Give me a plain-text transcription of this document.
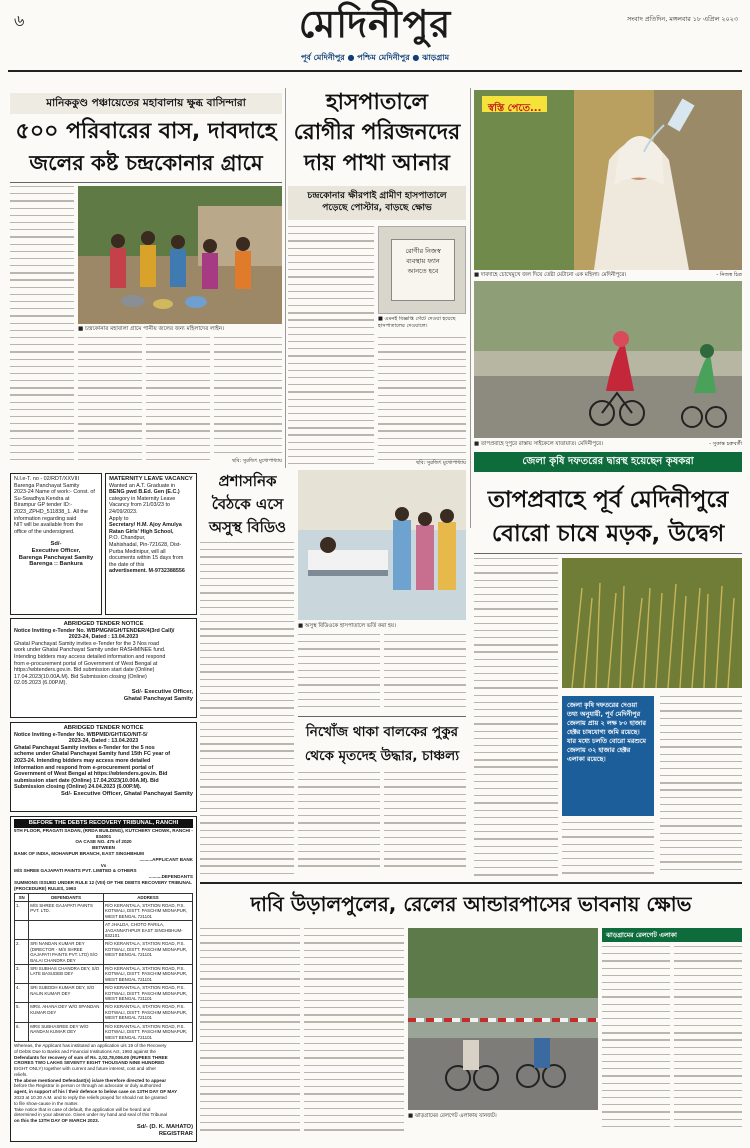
৬	মেদিনীপুর	সংবাদ প্রতিদিন, মঙ্গলবার ১৮ এপ্রিল ২০২৩
পূর্ব মেদিনীপুর ● পশ্চিম মেদিনীপুর ● ঝাড়গ্রাম
মানিককুণ্ড পঞ্চায়েতের মহাবালায় ক্ষুব্ধ বাসিন্দারা
৫০০ পরিবারের বাস, দাবদাহে
জলের কষ্ট চন্দ্রকোনার গ্রামে
■ চন্দ্রকোনার মহাবালা গ্রামে পানীয় জলের জন্য মহিলাদের লাইন।
ছবি: সুরজিৎ মুখোপাধ্যায়
হাসপাতালে
রোগীর পরিজনদের
দায় পাখা আনার
চন্দ্রকোনার ক্ষীরপাই গ্রামীণ হাসপাতালে পড়েছে পোস্টার, বাড়ছে ক্ষোভ
রোগীর নিজস্ব ব্যবস্থায় ফ্যান আনতে হবে
■ এমনই বিজ্ঞপ্তি সেঁটে দেওয়া হয়েছে হাসপাতালের দেওয়ালে।
ছবি: সুরজিৎ মুখোপাধ্যায়
স্বস্তি পেতে...
■ দাবদাহে চোখেমুখে জল দিয়ে তেষ্টা মেটানো এক মহিলা। মেদিনীপুরে।	- নিজস্ব চিত্র
■ তাপপ্রবাহে দুপুরে রাস্তায় সাইকেলে যাতায়াত। মেদিনীপুরে।	- সুকান্ত চক্রবর্তী
জেলা কৃষি দফতরের দ্বারস্থ হয়েছেন কৃষকরা
তাপপ্রবাহে পূর্ব মেদিনীপুরে
বোরো চাষে মড়ক, উদ্বেগ
জেলা কৃষি দফতরের দেওয়া তথ্য অনুযায়ী, পূর্ব মেদিনীপুর জেলায় প্রায় ২ লক্ষ ৮০ হাজার হেক্টর চাষযোগ্য জমি রয়েছে। যার মধ্যে চলতি বোরো মরশুমে জেলায় ৩২ হাজার হেক্টর এলাকা রয়েছে।
N.I.e-T. no - 02/RDT/XXVIII
Barenga Panchayat Samity
2023-24 Name of work:- Const. of
Su-Swadhya Kendra at
Birampur GP tender ID:-
2023_ZPHD_511838_1. All the
information regarding said
NIT will be available from the
office of the undersigned.
Sd/-
Executive Officer,
Barenga Panchayat Samity
Barenga :: Bankura
MATERNITY LEAVE VACANCY
Wanted an A.T. Graduate in
BENG pwd B.Ed. Gen (E.C.)
category in Maternity Leave
Vacancy from 21/03/23 to
24/09/2023.
Apply to
Secretary/ H.M. Ajoy Amulya
Ratan Girls' High School,
P.O. Chandpur,
Mahishadal, Pin-721628, Dist-
Purba Medinipur, will all
documents within 15 days from
the date of this
advertisement. M-9732388556
ABRIDGED TENDER NOTICE
Notice Inviting e-Tender No. WBPMGN/GH/TENDER/4(3rd Call)/
2023-24, Dated : 13.04.2023
Ghatal Panchayat Samity invites e-Tender for the 3 Nos road
work under Ghatal Panchayat Samity under RASHMINEE fund.
Intending bidders may access detailed information and respond
from e-procurement portal of Government of West Bengal at
https://wbtenders.gov.in. Bid submission start date (Online)
17.04.2023(10.00A.M). Bid Submission closing (Online)
02.05.2023 (6.00P.M).
Sd/- Executive Officer,
Ghatal Panchayat Samity
ABRIDGED TENDER NOTICE
Notice Inviting e-Tender No. WBPMID/GHT/EO/NIT-5/
2023-24, Dated : 13.04.2023
Ghatal Panchayat Samity invites e-Tender for the 5 nos
scheme under Ghatal Panchayat Samity fund 15th FC year of
2023-24. Intending bidders may access more detailed
information and respond from e-procurement portal of
Government of West Bengal at https://wbtenders.gov.in. Bid
submission start date (Online) 17.04.2023(10.00A.M). Bid
Submission closing (Online) 24.04.2023 (6.00P.M).
Sd/- Executive Officer, Ghatal Panchayat Samity
BEFORE THE DEBTS RECOVERY TRIBUNAL, RANCHI
5TH FLOOR, PRAGATI SADAN, (RRDA BUILDING), KUTCHERY CHOWK, RANCHI - 834001
OA CASE NO. 475 of 2020
BETWEEN
BANK OF INDIA, MOHANPUR BRANCH, EAST SINGHBHUM
..........APPLICANT BANK
Vs
M/S SHREE GAJAPATI PAINTS PVT. LIMITED & OTHERS
..........DEFENDANTS
SUMMONS ISSUED UNDER RULE 12 (VIII) OF THE DEBTS RECOVERY TRIBUNAL (PROCEDURE) RULES, 1993
SN	DEFENDANTS	ADDRESS
1.	M/S SHREE GAJAPATI PAINTS PVT. LTD.	R/O KERANTALA, STATION ROAD, P.S. KOTWALI, DISTT. PASCHIM MIDNAPUR, WEST BENGAL 721101
		AT JHALDA, CHOTO PARILA, JAGANNATHPUR EAST SINGHBHUM-832101
2.	SRI NANDAN KUMAR DEY (DIRECTOR - M/S SHREE GAJAPATI PAINTS PVT. LTD) S/O BALAI CHANDRA DEY	R/O KERANTALA, STATION ROAD, P.S. KOTWALI, DISTT. PASCHIM MIDNAPUR, WEST BENGAL 721101
3.	SRI SUBHAS CHANDRA DEY, S/O LATE BASUDEB DEY	R/O KERANTALA, STATION ROAD, P.S. KOTWALI, DISTT. PASCHIM MIDNAPUR, WEST BENGAL 721101
4.	SRI SUBODH KUMAR DEY, S/O NALIN KUMAR DEY	R/O KERANTALA, STATION ROAD, P.S. KOTWALI, DISTT. PASCHIM MIDNAPUR, WEST BENGAL 721101
5.	MRS. AHANA DEY W/O SPANDAN KUMAR DEY	R/O KERANTALA, STATION ROAD, P.S. KOTWALI, DISTT. PASCHIM MIDNAPUR, WEST BENGAL 721101
6.	MRS SUBHASREE DEY W/O NANDAN KUMAR DEY	R/O KERANTALA, STATION ROAD, P.S. KOTWALI, DISTT. PASCHIM MIDNAPUR, WEST BENGAL 721101
Whereas, the Applicant has instituted an application u/s 19 of the Recovery
of Debts Due to Banks and Financial Institutions Act, 1993 against the
Defendants for recovery of sum of Rs. 2,02,78,006.00 (RUPEES THREE
CRORES TWO LAKHS SEVENTY EIGHT THOUSAND NINE HUNDRED
EIGHT ONLY) together with current and future interest, cost and other
reliefs.
The above mentioned Defendant(s) is/are therefore directed to appear
before the Registrar in person or through an advocate or duly authorized
agent, in support of his / their defence to below case on 13TH DAY OF MAY
2023 at 10.30 A.M. and to reply the reliefs prayed for should not be granted
to file show-cause in the matter.
Take notice that in case of default, the application will be heard and
determined in your absence. Given under my hand and seal of this Tribunal
on this the 13TH DAY OF MARCH 2023.
Sd/- (D. K. MAHATO)
REGISTRAR
প্রশাসনিক
বৈঠকে এসে
অসুস্থ বিডিও
■ অসুস্থ বিডিওকে হাসপাতালে ভর্তি করা হয়।
নিখোঁজ থাকা বালকের পুকুর
থেকে মৃতদেহ উদ্ধার, চাঞ্চল্য
দাবি উড়ালপুলের, রেলের আন্ডারপাসের ভাবনায় ক্ষোভ
■ ঝাড়গ্রামের রেলগেট এলাকায় যানজট।
ঝাড়গ্রামের রেলগেট এলাকা
